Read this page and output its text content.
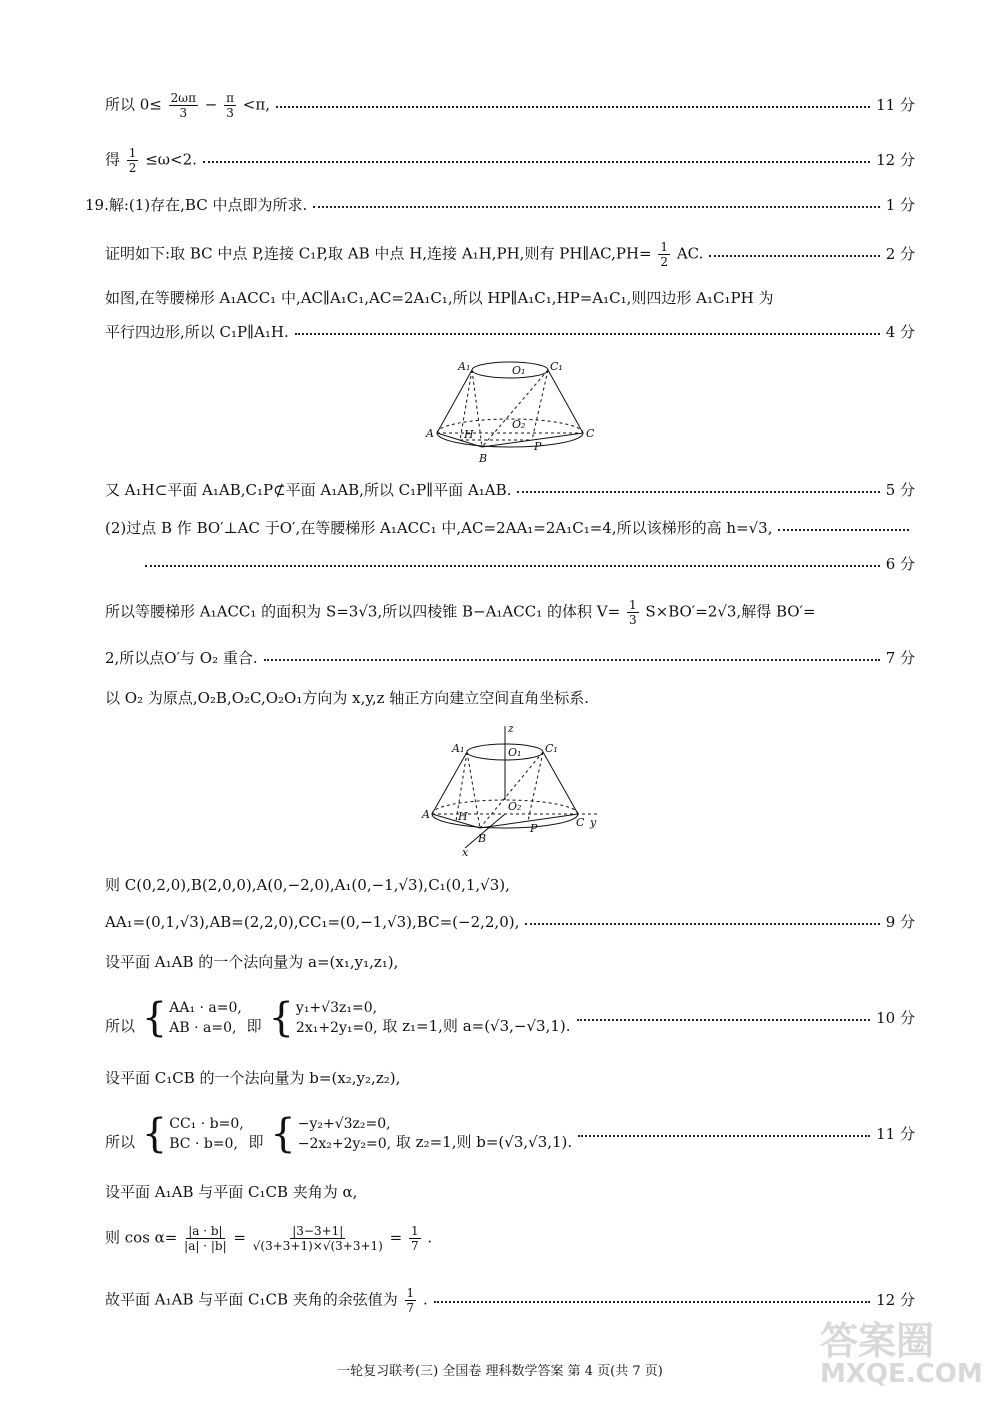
所以 $0\le \frac{2\omega\pi}{3} - \frac{\pi}{3} <\pi$,	11 分
得 $\frac{1}{2} \le\omega<2$.	12 分
19.解:(1)存在,BC 中点即为所求.	1 分
证明如下:取 BC 中点 P,连接 C₁P,取 AB 中点 H,连接 A₁H,PH,则有 PH∥AC,PH= $\frac{1}{2}$ AC.	2 分
如图,在等腰梯形 A₁ACC₁ 中,AC∥A₁C₁,AC=2A₁C₁,所以 HP∥A₁C₁,HP=A₁C₁,则四边形 A₁C₁PH 为
平行四边形,所以 C₁P∥A₁H.	4 分
A₁	O₁ C₁
A	C
O₂
H
P
B
又 A₁H⊂平面 A₁AB,C₁P⊄平面 A₁AB,所以 C₁P∥平面 A₁AB.	5 分
(2)过点 B 作 BO′⊥AC 于O′,在等腰梯形 A₁ACC₁ 中,AC=2AA₁=2A₁C₁=4,所以该梯形的高 h=√3,
6 分
所以等腰梯形 A₁ACC₁ 的面积为 S=3√3,所以四棱锥 B−A₁ACC₁ 的体积 $V= \frac{1}{3} S\times BO'=2√3$,解得 BO′=
2,所以点O′与 O₂ 重合.	7 分
以 O₂ 为原点,O₂B,O₂C,O₂O₁方向为 x,y,z 轴正方向建立空间直角坐标系.
z
A₁	O₁ C₁
A
C y
O₂
H
P
B
x
则 C(0,2,0),B(2,0,0),A(0,−2,0),A₁(0,−1,√3),C₁(0,1,√3),
AA₁=(0,1,√3),AB=(2,2,0),CC₁=(0,−1,√3),BC=(−2,2,0),	9 分
设平面 A₁AB 的一个法向量为 a=(x₁,y₁,z₁),
所以 { AA₁ · a=0,
AB · a=0, 即 { y₁+√3z₁=0,
2x₁+2y₁=0, 取 z₁=1,则 a=(√3,−√3,1).	10 分
设平面 C₁CB 的一个法向量为 b=(x₂,y₂,z₂),
所以 { CC₁ · b=0,
BC · b=0, 即 { −y₂+√3z₂=0,
−2x₂+2y₂=0, 取 z₂=1,则 b=(√3,√3,1).	11 分
设平面 A₁AB 与平面 C₁CB 夹角为 α,
则 $\cos \alpha= \frac{|a \cdot b|}{|a| \cdot |b|} = \frac{|3-3+1|}{√(3+3+1)\times√(3+3+1)} = \frac{1}{7}$ .
故平面 A₁AB 与平面 C₁CB 夹角的余弦值为 $\frac{1}{7}$ .	12 分
一轮复习联考(三) 全国卷 理科数学答案 第 4 页(共 7 页)
答案圈
MXQE.COM
